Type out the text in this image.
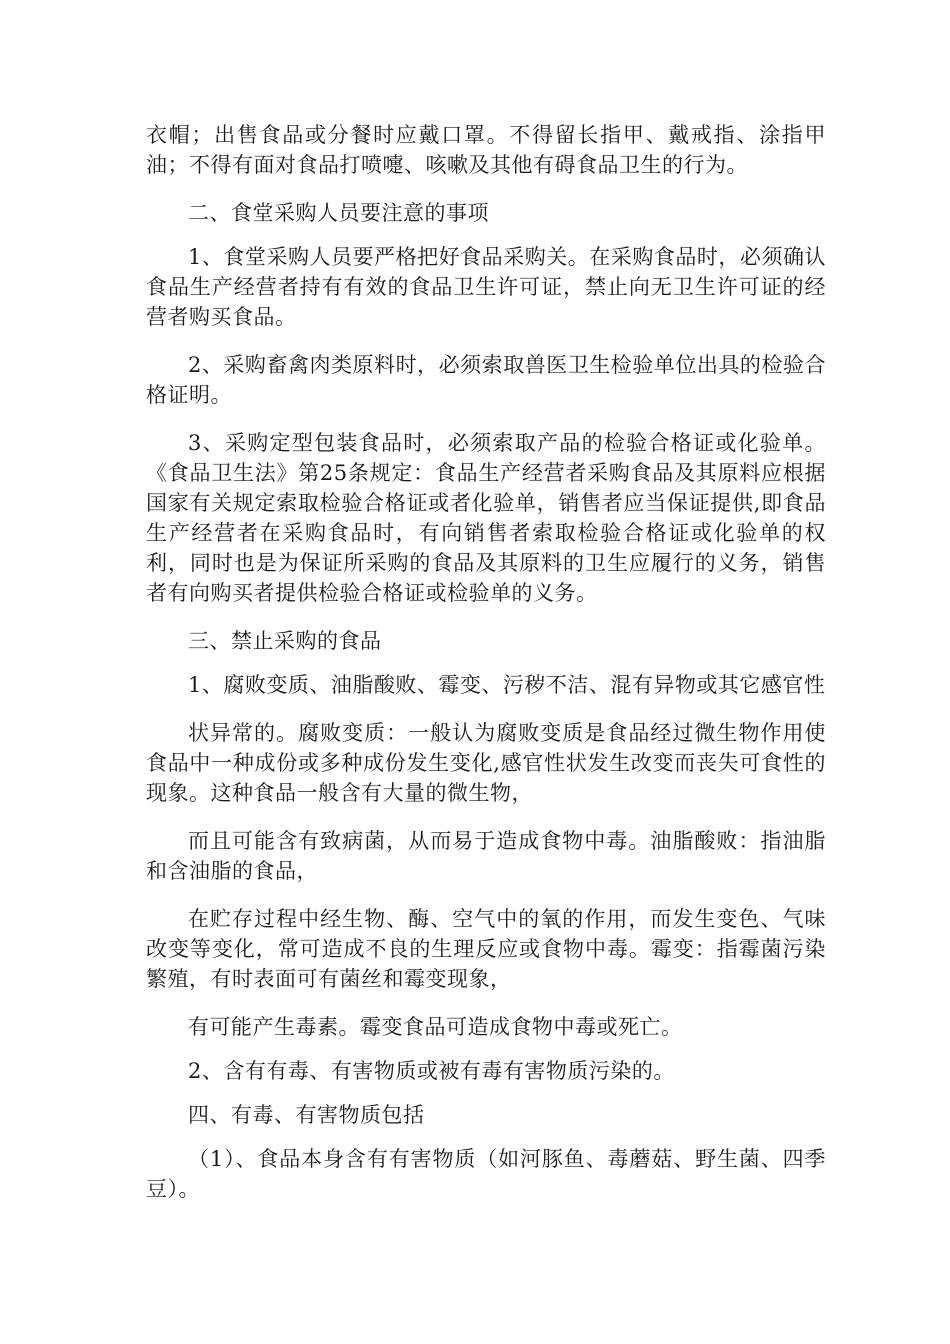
衣帽；出售食品或分餐时应戴口罩。不得留长指甲、戴戒指、涂指甲油；不得有面对食品打喷嚏、咳嗽及其他有碍食品卫生的行为。

二、食堂采购人员要注意的事项

1、食堂采购人员要严格把好食品采购关。在采购食品时，必须确认食品生产经营者持有有效的食品卫生许可证，禁止向无卫生许可证的经营者购买食品。

2、采购畜禽肉类原料时，必须索取兽医卫生检验单位出具的检验合格证明。

3、采购定型包装食品时，必须索取产品的检验合格证或化验单。《食品卫生法》第25条规定：食品生产经营者采购食品及其原料应根据国家有关规定索取检验合格证或者化验单，销售者应当保证提供,即食品生产经营者在采购食品时，有向销售者索取检验合格证或化验单的权利，同时也是为保证所采购的食品及其原料的卫生应履行的义务，销售者有向购买者提供检验合格证或检验单的义务。

三、禁止采购的食品

1、腐败变质、油脂酸败、霉变、污秽不洁、混有异物或其它感官性

状异常的。腐败变质：一般认为腐败变质是食品经过微生物作用使食品中一种成份或多种成份发生变化,感官性状发生改变而丧失可食性的现象。这种食品一般含有大量的微生物，

而且可能含有致病菌，从而易于造成食物中毒。油脂酸败：指油脂和含油脂的食品，

在贮存过程中经生物、酶、空气中的氧的作用，而发生变色、气味改变等变化，常可造成不良的生理反应或食物中毒。霉变：指霉菌污染繁殖，有时表面可有菌丝和霉变现象，

有可能产生毒素。霉变食品可造成食物中毒或死亡。

2、含有有毒、有害物质或被有毒有害物质污染的。

四、有毒、有害物质包括

（1）、食品本身含有有害物质（如河豚鱼、毒蘑菇、野生菌、四季豆）。
